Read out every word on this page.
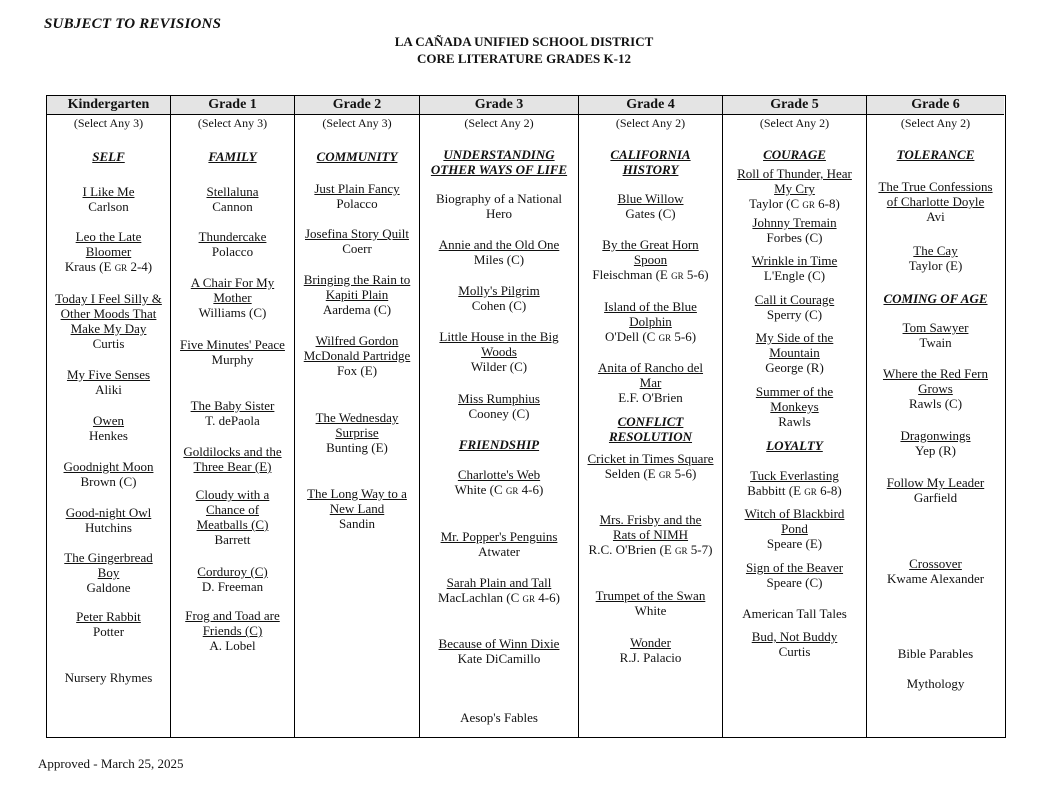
SUBJECT TO REVISIONS
LA CAÑADA UNIFIED SCHOOL DISTRICT
CORE LITERATURE GRADES K-12
Kindergarten
(Select Any 3)
SELF
I Like Me
Carlson
Leo the Late Bloomer
Kraus (E GR 2-4)
Today I Feel Silly & Other Moods That Make My Day
Curtis
My Five Senses
Aliki
Owen
Henkes
Goodnight Moon
Brown (C)
Good-night Owl
Hutchins
The Gingerbread Boy
Galdone
Peter Rabbit
Potter
Nursery Rhymes
Grade 1
(Select Any 3)
FAMILY
Stellaluna
Cannon
Thundercake
Polacco
A Chair For My Mother
Williams (C)
Five Minutes' Peace
Murphy
The Baby Sister
T. dePaola
Goldilocks and the Three Bear (E)
Cloudy with a Chance of Meatballs (C)
Barrett
Corduroy (C)
D. Freeman
Frog and Toad are Friends (C)
A. Lobel
Grade 2
(Select Any 3)
COMMUNITY
Just Plain Fancy
Polacco
Josefina Story Quilt
Coerr
Bringing the Rain to Kapiti Plain
Aardema (C)
Wilfred Gordon McDonald Partridge
Fox (E)
The Wednesday Surprise
Bunting (E)
The Long Way to a New Land
Sandin
Grade 3
(Select Any 2)
UNDERSTANDING OTHER WAYS OF LIFE
Biography of a National Hero
Annie and the Old One
Miles (C)
Molly's Pilgrim
Cohen (C)
Little House in the Big Woods
Wilder (C)
Miss Rumphius
Cooney (C)
FRIENDSHIP
Charlotte's Web
White (C GR 4-6)
Mr. Popper's Penguins
Atwater
Sarah Plain and Tall
MacLachlan (C GR 4-6)
Because of Winn Dixie
Kate DiCamillo
Aesop's Fables
Grade 4
(Select Any 2)
CALIFORNIA HISTORY
Blue Willow
Gates (C)
By the Great Horn Spoon
Fleischman (E GR 5-6)
Island of the Blue Dolphin
O'Dell (C GR 5-6)
Anita of Rancho del Mar
E.F. O'Brien
CONFLICT RESOLUTION
Cricket in Times Square
Selden (E GR 5-6)
Mrs. Frisby and the Rats of NIMH
R.C. O'Brien (E GR 5-7)
Trumpet of the Swan
White
Wonder
R.J. Palacio
Grade 5
(Select Any 2)
COURAGE
Roll of Thunder, Hear My Cry
Taylor (C GR 6-8)
Johnny Tremain
Forbes (C)
Wrinkle in Time
L'Engle (C)
Call it Courage
Sperry (C)
My Side of the Mountain
George (R)
Summer of the Monkeys
Rawls
LOYALTY
Tuck Everlasting
Babbitt (E GR 6-8)
Witch of Blackbird Pond
Speare (E)
Sign of the Beaver
Speare (C)
American Tall Tales
Bud, Not Buddy
Curtis
Grade 6
(Select Any 2)
TOLERANCE
The True Confessions of Charlotte Doyle
Avi
The Cay
Taylor (E)
COMING OF AGE
Tom Sawyer
Twain
Where the Red Fern Grows
Rawls (C)
Dragonwings
Yep (R)
Follow My Leader
Garfield
Crossover
Kwame Alexander
Bible Parables
Mythology
Approved - March 25, 2025
